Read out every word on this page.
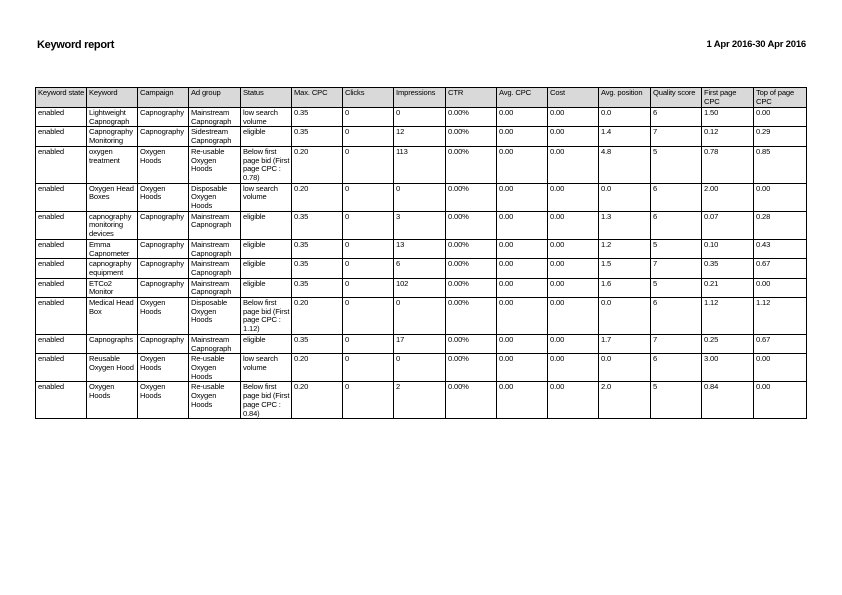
Keyword report	1 Apr 2016-30 Apr 2016
Keyword state	Keyword	Campaign	Ad group	Status	Max. CPC	Clicks	Impressions	CTR	Avg. CPC	Cost	Avg. position	Quality score	First page CPC	Top of page CPC
enabled	Lightweight Capnograph	Capnography	Mainstream Capnograph	low search volume	0.35	0	0	0.00%	0.00	0.00	0.0	6	1.50	0.00
enabled	Capnography Monitoring	Capnography	Sidestream Capnograph	eligible	0.35	0	12	0.00%	0.00	0.00	1.4	7	0.12	0.29
enabled	oxygen treatment	Oxygen Hoods	Re-usable Oxygen Hoods	Below first page bid (First page CPC : 0.78)	0.20	0	113	0.00%	0.00	0.00	4.8	5	0.78	0.85
enabled	Oxygen Head Boxes	Oxygen Hoods	Disposable Oxygen Hoods	low search volume	0.20	0	0	0.00%	0.00	0.00	0.0	6	2.00	0.00
enabled	capnography monitoring devices	Capnography	Mainstream Capnograph	eligible	0.35	0	3	0.00%	0.00	0.00	1.3	6	0.07	0.28
enabled	Emma Capnometer	Capnography	Mainstream Capnograph	eligible	0.35	0	13	0.00%	0.00	0.00	1.2	5	0.10	0.43
enabled	capnography equipment	Capnography	Mainstream Capnograph	eligible	0.35	0	6	0.00%	0.00	0.00	1.5	7	0.35	0.67
enabled	ETCo2 Monitor	Capnography	Mainstream Capnograph	eligible	0.35	0	102	0.00%	0.00	0.00	1.6	5	0.21	0.00
enabled	Medical Head Box	Oxygen Hoods	Disposable Oxygen Hoods	Below first page bid (First page CPC : 1.12)	0.20	0	0	0.00%	0.00	0.00	0.0	6	1.12	1.12
enabled	Capnographs	Capnography	Mainstream Capnograph	eligible	0.35	0	17	0.00%	0.00	0.00	1.7	7	0.25	0.67
enabled	Reusable Oxygen Hood	Oxygen Hoods	Re-usable Oxygen Hoods	low search volume	0.20	0	0	0.00%	0.00	0.00	0.0	6	3.00	0.00
enabled	Oxygen Hoods	Oxygen Hoods	Re-usable Oxygen Hoods	Below first page bid (First page CPC : 0.84)	0.20	0	2	0.00%	0.00	0.00	2.0	5	0.84	0.00
